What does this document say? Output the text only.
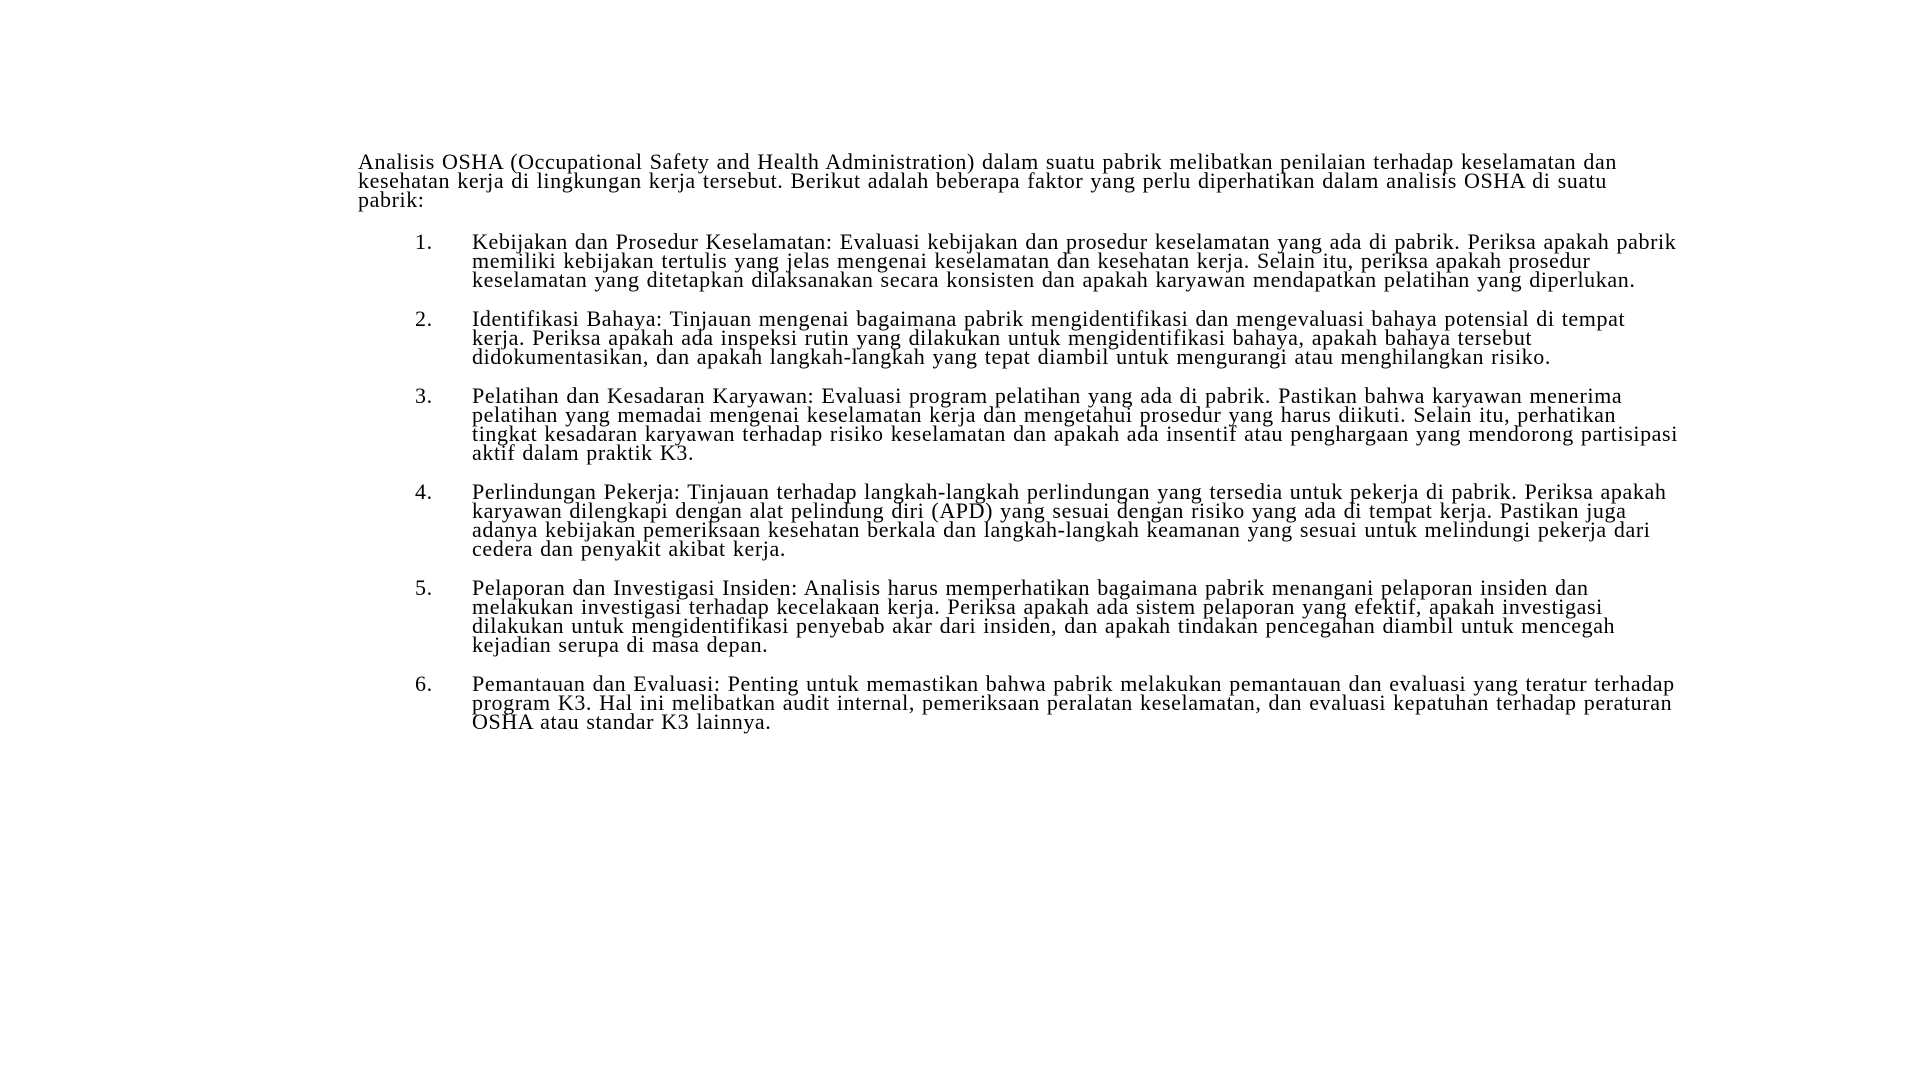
Analisis OSHA (Occupational Safety and Health Administration) dalam suatu pabrik melibatkan penilaian terhadap keselamatan dan kesehatan kerja di lingkungan kerja tersebut. Berikut adalah beberapa faktor yang perlu diperhatikan dalam analisis OSHA di suatu pabrik:

1. Kebijakan dan Prosedur Keselamatan: Evaluasi kebijakan dan prosedur keselamatan yang ada di pabrik. Periksa apakah pabrik memiliki kebijakan tertulis yang jelas mengenai keselamatan dan kesehatan kerja. Selain itu, periksa apakah prosedur keselamatan yang ditetapkan dilaksanakan secara konsisten dan apakah karyawan mendapatkan pelatihan yang diperlukan.
2. Identifikasi Bahaya: Tinjauan mengenai bagaimana pabrik mengidentifikasi dan mengevaluasi bahaya potensial di tempat kerja. Periksa apakah ada inspeksi rutin yang dilakukan untuk mengidentifikasi bahaya, apakah bahaya tersebut didokumentasikan, dan apakah langkah-langkah yang tepat diambil untuk mengurangi atau menghilangkan risiko.
3. Pelatihan dan Kesadaran Karyawan: Evaluasi program pelatihan yang ada di pabrik. Pastikan bahwa karyawan menerima pelatihan yang memadai mengenai keselamatan kerja dan mengetahui prosedur yang harus diikuti. Selain itu, perhatikan tingkat kesadaran karyawan terhadap risiko keselamatan dan apakah ada insentif atau penghargaan yang mendorong partisipasi aktif dalam praktik K3.
4. Perlindungan Pekerja: Tinjauan terhadap langkah-langkah perlindungan yang tersedia untuk pekerja di pabrik. Periksa apakah karyawan dilengkapi dengan alat pelindung diri (APD) yang sesuai dengan risiko yang ada di tempat kerja. Pastikan juga adanya kebijakan pemeriksaan kesehatan berkala dan langkah-langkah keamanan yang sesuai untuk melindungi pekerja dari cedera dan penyakit akibat kerja.
5. Pelaporan dan Investigasi Insiden: Analisis harus memperhatikan bagaimana pabrik menangani pelaporan insiden dan melakukan investigasi terhadap kecelakaan kerja. Periksa apakah ada sistem pelaporan yang efektif, apakah investigasi dilakukan untuk mengidentifikasi penyebab akar dari insiden, dan apakah tindakan pencegahan diambil untuk mencegah kejadian serupa di masa depan.
6. Pemantauan dan Evaluasi: Penting untuk memastikan bahwa pabrik melakukan pemantauan dan evaluasi yang teratur terhadap program K3. Hal ini melibatkan audit internal, pemeriksaan peralatan keselamatan, dan evaluasi kepatuhan terhadap peraturan OSHA atau standar K3 lainnya.
